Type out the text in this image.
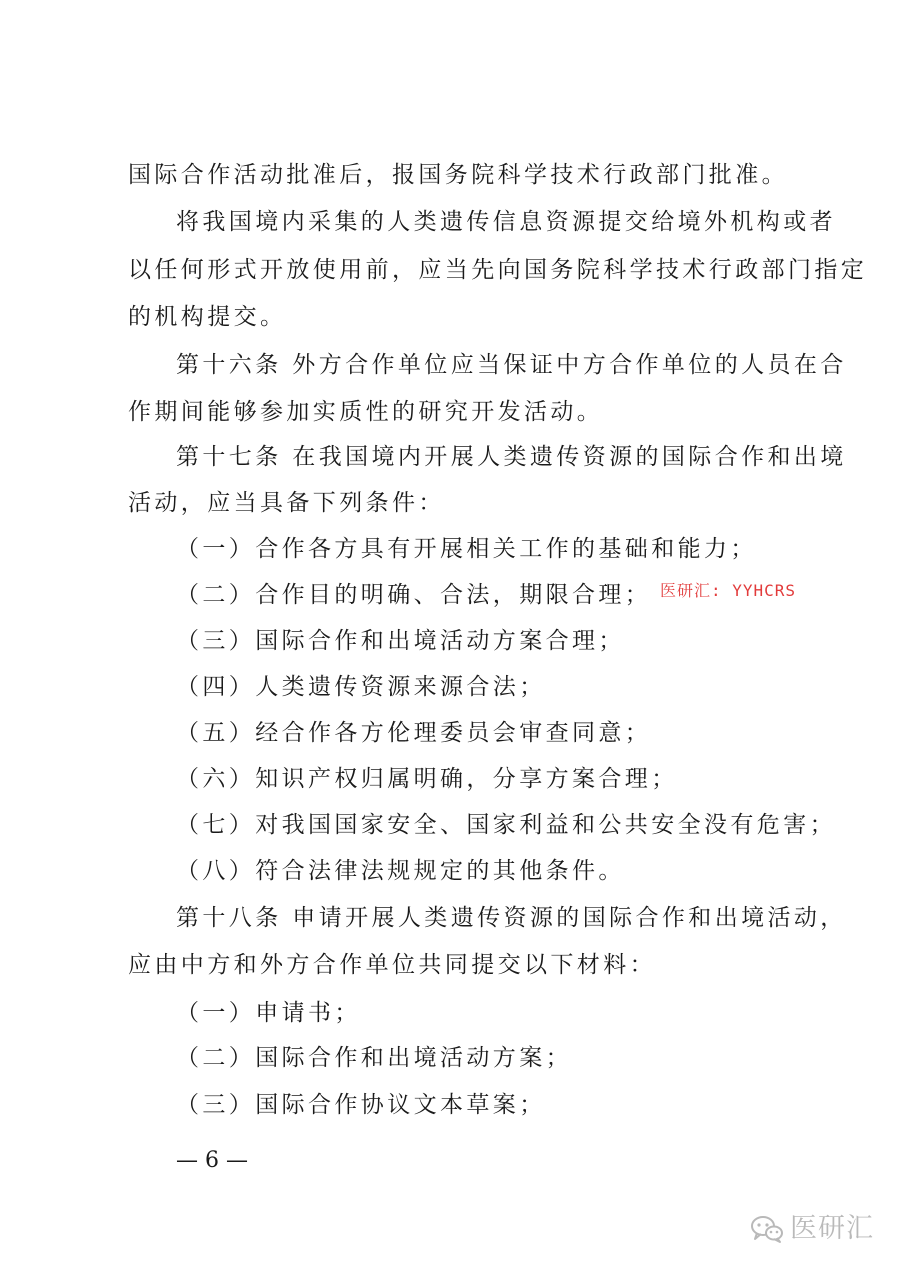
国际合作活动批准后，报国务院科学技术行政部门批准。
将我国境内采集的人类遗传信息资源提交给境外机构或者
以任何形式开放使用前，应当先向国务院科学技术行政部门指定
的机构提交。
第十六条 外方合作单位应当保证中方合作单位的人员在合
作期间能够参加实质性的研究开发活动。
第十七条 在我国境内开展人类遗传资源的国际合作和出境
活动，应当具备下列条件：
（一）合作各方具有开展相关工作的基础和能力；
（二）合作目的明确、合法，期限合理；
（三）国际合作和出境活动方案合理；
（四）人类遗传资源来源合法；
（五）经合作各方伦理委员会审查同意；
（六）知识产权归属明确，分享方案合理；
（七）对我国国家安全、国家利益和公共安全没有危害；
（八）符合法律法规规定的其他条件。
第十八条 申请开展人类遗传资源的国际合作和出境活动，
应由中方和外方合作单位共同提交以下材料：
（一）申请书；
（二）国际合作和出境活动方案；
（三）国际合作协议文本草案；
医研汇: YYHCRS
— 6 —
医研汇
